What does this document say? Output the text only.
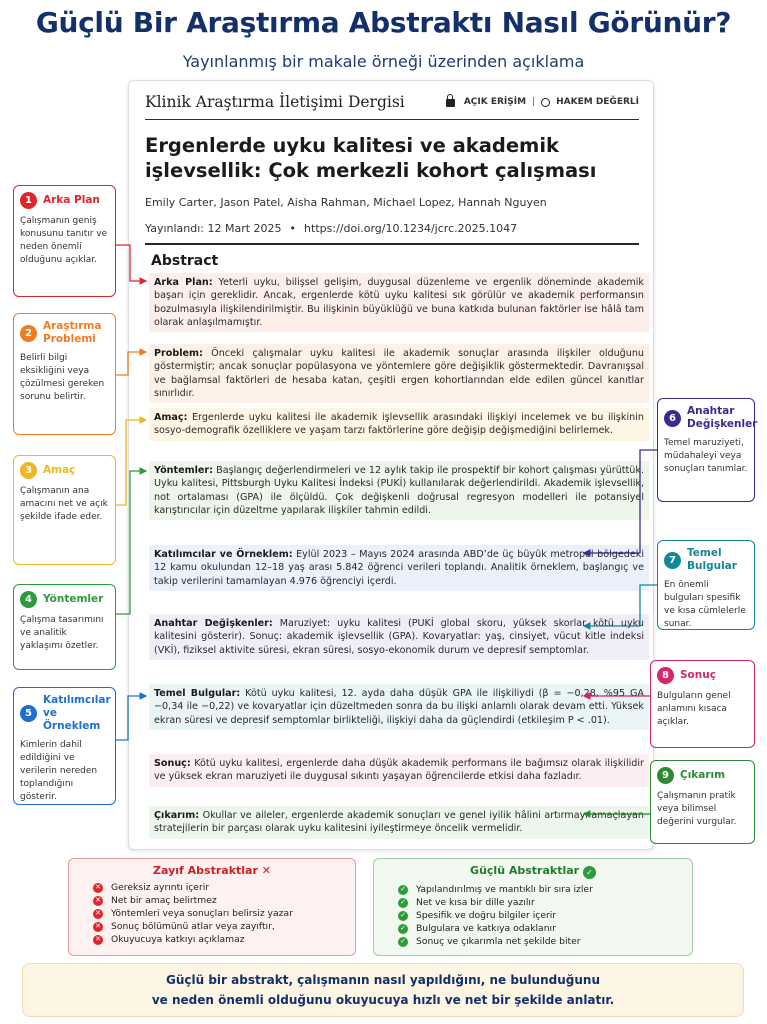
Güçlü Bir Araştırma Abstraktı Nasıl Görünür?
Yayınlanmış bir makale örneği üzerinden açıklama
Klinik Araştırma İletişimi Dergisi	AÇIK ERİŞİM | HAKEM DEĞERLİ
Ergenlerde uyku kalitesi ve akademik işlevsellik: Çok merkezli kohort çalışması
Emily Carter, Jason Patel, Aisha Rahman, Michael Lopez, Hannah Nguyen
Yayınlandı: 12 Mart 2025 • https://doi.org/10.1234/jcrc.2025.1047
Abstract
Arka Plan: Yeterli uyku, bilişsel gelişim, duygusal düzenleme ve ergenlik döneminde akademik başarı için gereklidir. Ancak, ergenlerde kötü uyku kalitesi sık görülür ve akademik performansın bozulmasıyla ilişkilendirilmiştir. Bu ilişkinin büyüklüğü ve buna katkıda bulunan faktörler ise hâlâ tam olarak anlaşılmamıştır.
Problem: Önceki çalışmalar uyku kalitesi ile akademik sonuçlar arasında ilişkiler olduğunu göstermiştir; ancak sonuçlar popülasyona ve yöntemlere göre değişiklik göstermektedir. Davranışsal ve bağlamsal faktörleri de hesaba katan, çeşitli ergen kohortlarından elde edilen güncel kanıtlar sınırlıdır.
Amaç: Ergenlerde uyku kalitesi ile akademik işlevsellik arasındaki ilişkiyi incelemek ve bu ilişkinin sosyo-demografik özelliklere ve yaşam tarzı faktörlerine göre değişip değişmediğini belirlemek.
Yöntemler: Başlangıç değerlendirmeleri ve 12 aylık takip ile prospektif bir kohort çalışması yürüttük. Uyku kalitesi, Pittsburgh Uyku Kalitesi İndeksi (PUKİ) kullanılarak değerlendirildi. Akademik işlevsellik, not ortalaması (GPA) ile ölçüldü. Çok değişkenli doğrusal regresyon modelleri ile potansiyel karıştırıcılar için düzeltme yapılarak ilişkiler tahmin edildi.
Katılımcılar ve Örneklem: Eylül 2023 – Mayıs 2024 arasında ABD’de üç büyük metropol bölgedeki 12 kamu okulundan 12–18 yaş arası 5.842 öğrenci verileri toplandı. Analitik örneklem, başlangıç ve takip verilerini tamamlayan 4.976 öğrenciyi içerdi.
Anahtar Değişkenler: Maruziyet: uyku kalitesi (PUKİ global skoru, yüksek skorlar kötü uyku kalitesini gösterir). Sonuç: akademik işlevsellik (GPA). Kovaryatlar: yaş, cinsiyet, vücut kitle indeksi (VKİ), fiziksel aktivite süresi, ekran süresi, sosyo-ekonomik durum ve depresif semptomlar.
Temel Bulgular: Kötü uyku kalitesi, 12. ayda daha düşük GPA ile ilişkiliydi (β = −0,28, %95 GA −0,34 ile −0,22) ve kovaryatlar için düzeltmeden sonra da bu ilişki anlamlı olarak devam etti. Yüksek ekran süresi ve depresif semptomlar birlikteliği, ilişkiyi daha da güçlendirdi (etkileşim P < .01).
Sonuç: Kötü uyku kalitesi, ergenlerde daha düşük akademik performans ile bağımsız olarak ilişkilidir ve yüksek ekran maruziyeti ile duygusal sıkıntı yaşayan öğrencilerde etkisi daha fazladır.
Çıkarım: Okullar ve aileler, ergenlerde akademik sonuçları ve genel iyilik hâlini artırmayı amaçlayan stratejilerin bir parçası olarak uyku kalitesini iyileştirmeye öncelik vermelidir.
1	Arka Plan
Çalışmanın geniş konusunu tanıtır ve neden önemli olduğunu açıklar.
2
Araştırma Problemi
Belirli bilgi eksikliğini veya çözülmesi gereken sorunu belirtir.
3	Amaç
Çalışmanın ana amacını net ve açık şekilde ifade eder.
4	Yöntemler
Çalışma tasarımını ve analitik yaklaşımı özetler.
5
Katılımcılar ve Örneklem
Kimlerin dahil edildiğini ve verilerin nereden toplandığını gösterir.
6
Anahtar Değişkenler
Temel maruziyeti, müdahaleyi veya sonuçları tanımlar.
7
Temel Bulgular
En önemli bulguları spesifik ve kısa cümlelerle sunar.
8	Sonuç
Bulguların genel anlamını kısaca açıklar.
9	Çıkarım
Çalışmanın pratik veya bilimsel değerini vurgular.
Zayıf Abstraktlar ✕
✕ Gereksiz ayrıntı içerir
✕ Net bir amaç belirtmez
✕ Yöntemleri veya sonuçları belirsiz yazar
✕ Sonuç bölümünü atlar veya zayıftır,
✕ Okuyucuya katkıyı açıklamaz
Güçlü Abstraktlar ✓
✓ Yapılandırılmış ve mantıklı bir sıra izler
✓ Net ve kısa bir dille yazılır
✓ Spesifik ve doğru bilgiler içerir
✓ Bulgulara ve katkıya odaklanır
✓ Sonuç ve çıkarımla net şekilde biter
Güçlü bir abstrakt, çalışmanın nasıl yapıldığını, ne bulunduğunu
ve neden önemli olduğunu okuyucuya hızlı ve net bir şekilde anlatır.
